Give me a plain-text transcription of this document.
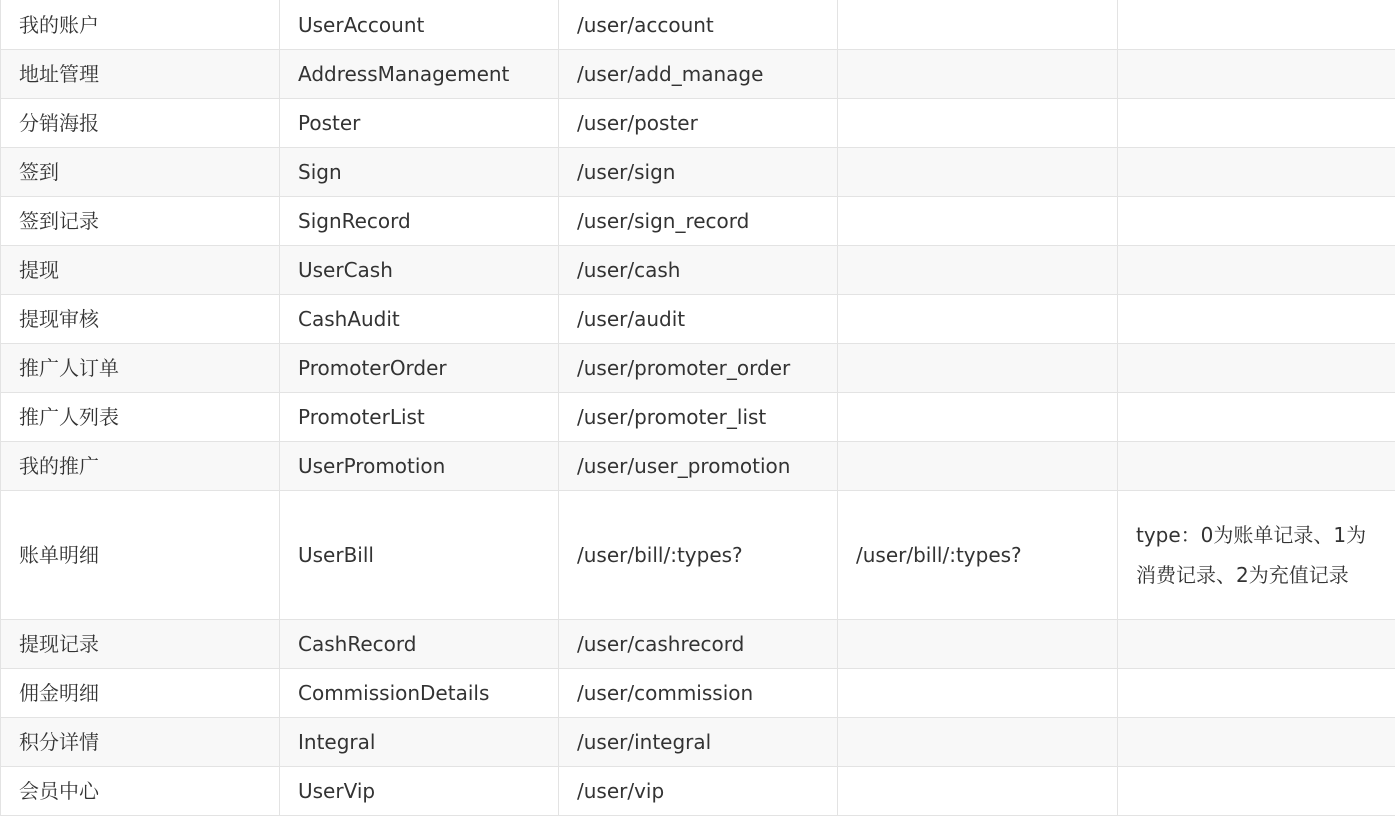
我的账户	UserAccount	/user/account		
地址管理	AddressManagement	/user/add_manage		
分销海报	Poster	/user/poster		
签到	Sign	/user/sign		
签到记录	SignRecord	/user/sign_record		
提现	UserCash	/user/cash		
提现审核	CashAudit	/user/audit		
推广人订单	PromoterOrder	/user/promoter_order		
推广人列表	PromoterList	/user/promoter_list		
我的推广	UserPromotion	/user/user_promotion		
账单明细	UserBill	/user/bill/:types?	/user/bill/:types?	type：0为账单记录、1为消费记录、2为充值记录
提现记录	CashRecord	/user/cashrecord		
佣金明细	CommissionDetails	/user/commission		
积分详情	Integral	/user/integral		
会员中心	UserVip	/user/vip		
